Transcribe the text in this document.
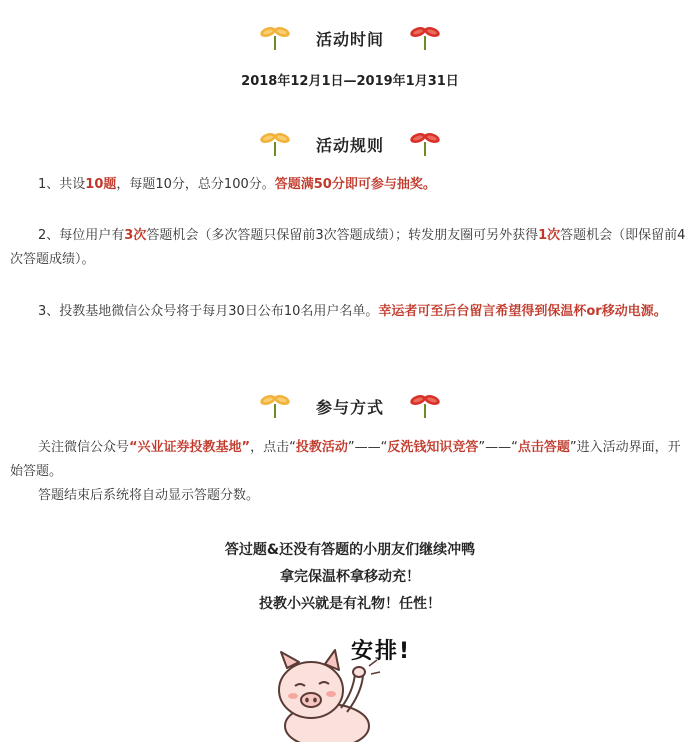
活动时间
2018年12月1日—2019年1月31日
活动规则

1、共设10题，每题10分，总分100分。答题满50分即可参与抽奖。

2、每位用户有3次答题机会（多次答题只保留前3次答题成绩）；转发朋友圈可另外获得1次答题机会（即保留前4次答题成绩）。

3、投教基地微信公众号将于每月30日公布10名用户名单。幸运者可至后台留言希望得到保温杯or移动电源。

参与方式

关注微信公众号“兴业证券投教基地”，点击“投教活动”——“反洗钱知识竞答”——“点击答题”进入活动界面，开始答题。

答题结束后系统将自动显示答题分数。

答过题&还没有答题的小朋友们继续冲鸭
拿完保温杯拿移动充！
投教小兴就是有礼物！任性！
安排!
